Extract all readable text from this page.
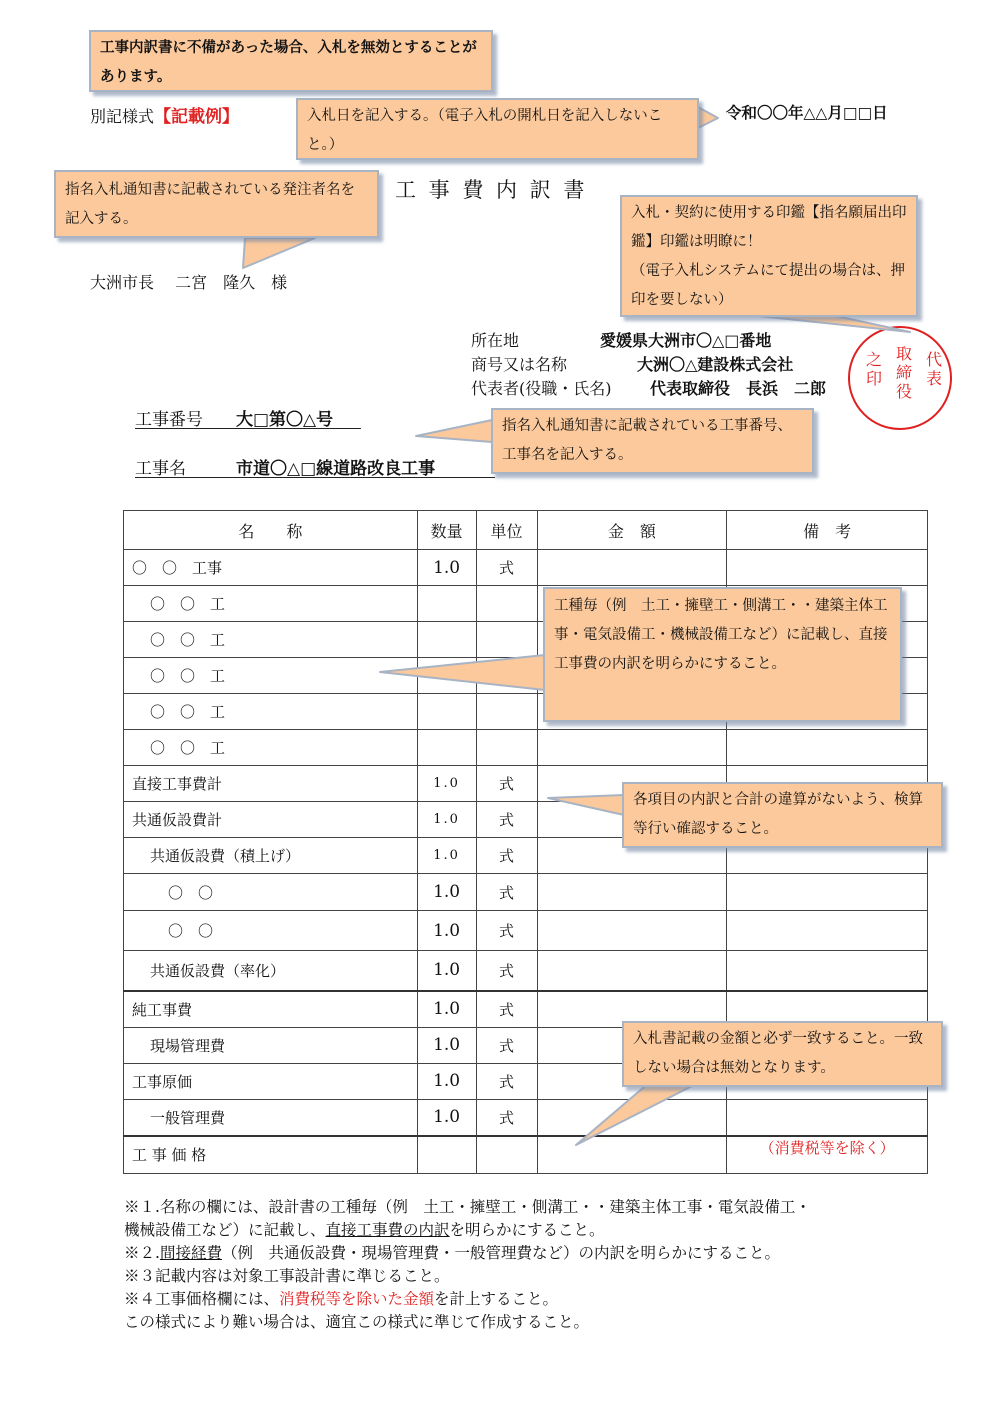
別記様式【記載例】	令和〇〇年△△月□□日
工 事 費 内 訳 書
大洲市長　 二宮　隆久　様
所在地	愛媛県大洲市〇△□番地
商号又は名称	大洲〇△建設株式会社
代表者(役職・氏名) 代表取締役　長浜　二郎
代表
取締役
之印
工事番号 大□第〇△号
工事名	市道〇△□線道路改良工事
名　　称	数量	単位	金　額	備　考
〇　〇　工事	1.0	式		
〇　〇　工				
〇　〇　工				
〇　〇　工				
〇　〇　工				
〇　〇　工				
直接工事費計	1.0	式		
共通仮設費計	1.0	式		
共通仮設費（積上げ）	1.0	式		
〇　〇	1.0	式		
〇　〇	1.0	式		
共通仮設費（率化）	1.0	式		
純工事費	1.0	式		
現場管理費	1.0	式		
工事原価	1.0	式		
一般管理費	1.0	式		
工 事 価 格				（消費税等を除く）
工事内訳書に不備があった場合、入札を無効とすることがあります。
入札日を記入する。（電子入札の開札日を記入しないこと。）
指名入札通知書に記載されている発注者名を記入する。	入札・契約に使用する印鑑【指名願届出印鑑】印鑑は明瞭に！
（電子入札システムにて提出の場合は、押印を要しない）
指名入札通知書に記載されている工事番号、工事名を記入する。
工種毎（例　土工・擁壁工・側溝工・・建築主体工事・電気設備工・機械設備工など）に記載し、直接工事費の内訳を明らかにすること。
各項目の内訳と合計の違算がないよう、検算等行い確認すること。
入札書記載の金額と必ず一致すること。一致しない場合は無効となります。
※１.名称の欄には、設計書の工種毎（例　土工・擁壁工・側溝工・・建築主体工事・電気設備工・
機械設備工など）に記載し、直接工事費の内訳を明らかにすること。
※２.間接経費（例　共通仮設費・現場管理費・一般管理費など）の内訳を明らかにすること。
※３記載内容は対象工事設計書に準じること。
※４工事価格欄には、消費税等を除いた金額を計上すること。
この様式により難い場合は、適宜この様式に準じて作成すること。
